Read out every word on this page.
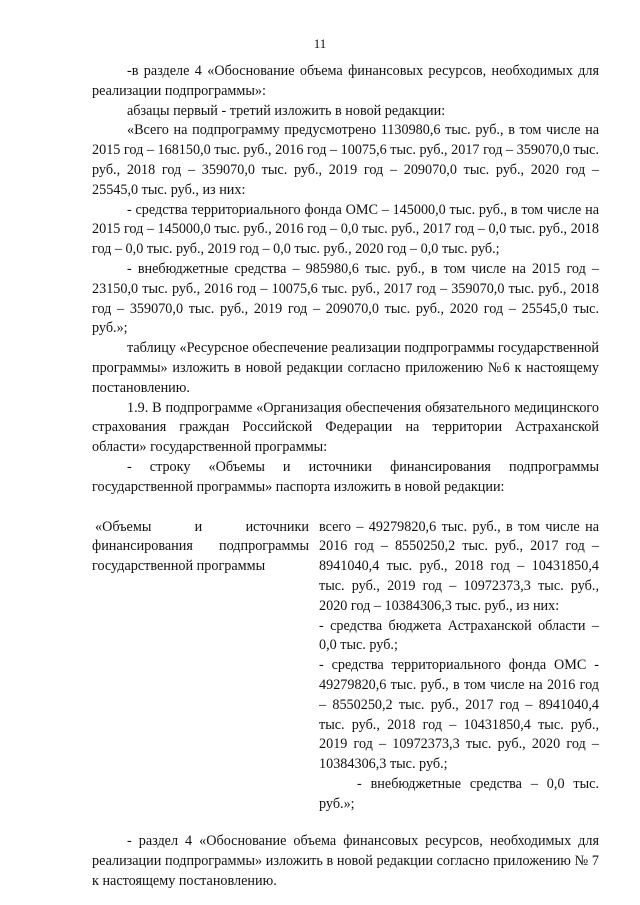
11

-в разделе 4 «Обоснование объема финансовых ресурсов, необходимых для реализации подпрограммы»:

абзацы первый - третий изложить в новой редакции:

«Всего на подпрограмму предусмотрено 1130980,6 тыс. руб., в том числе на 2015 год – 168150,0 тыс. руб., 2016 год – 10075,6 тыс. руб., 2017 год – 359070,0 тыс. руб., 2018 год – 359070,0 тыс. руб., 2019 год – 209070,0 тыс. руб., 2020 год – 25545,0 тыс. руб., из них:

- средства территориального фонда ОМС – 145000,0 тыс. руб., в том числе на 2015 год – 145000,0 тыс. руб., 2016 год – 0,0 тыс. руб., 2017 год – 0,0 тыс. руб., 2018 год – 0,0 тыс. руб., 2019 год – 0,0 тыс. руб., 2020 год – 0,0 тыс. руб.;

- внебюджетные средства – 985980,6 тыс. руб., в том числе на 2015 год – 23150,0 тыс. руб., 2016 год – 10075,6 тыс. руб., 2017 год – 359070,0 тыс. руб., 2018 год – 359070,0 тыс. руб., 2019 год – 209070,0 тыс. руб., 2020 год – 25545,0 тыс. руб.»;

таблицу «Ресурсное обеспечение реализации подпрограммы государственной программы» изложить в новой редакции согласно приложению №6 к настоящему постановлению.

1.9. В подпрограмме «Организация обеспечения обязательного медицинского страхования граждан Российской Федерации на территории Астраханской области» государственной программы:

- строку «Объемы и источники финансирования подпрограммы государственной программы» паспорта изложить в новой редакции:

«Объемы и источники финансирования подпрограммы государственной программы

всего – 49279820,6 тыс. руб., в том числе на 2016 год – 8550250,2 тыс. руб., 2017 год – 8941040,4 тыс. руб., 2018 год – 10431850,4 тыс. руб., 2019 год – 10972373,3 тыс. руб., 2020 год – 10384306,3 тыс. руб., из них:

- средства бюджета Астраханской области – 0,0 тыс. руб.;

- средства территориального фонда ОМС - 49279820,6 тыс. руб., в том числе на 2016 год – 8550250,2 тыс. руб., 2017 год – 8941040,4 тыс. руб., 2018 год – 10431850,4 тыс. руб., 2019 год – 10972373,3 тыс. руб., 2020 год – 10384306,3 тыс. руб.;

- внебюджетные средства – 0,0 тыс. руб.»;

- раздел 4 «Обоснование объема финансовых ресурсов, необходимых для реализации подпрограммы» изложить в новой редакции согласно приложению № 7 к настоящему постановлению.
